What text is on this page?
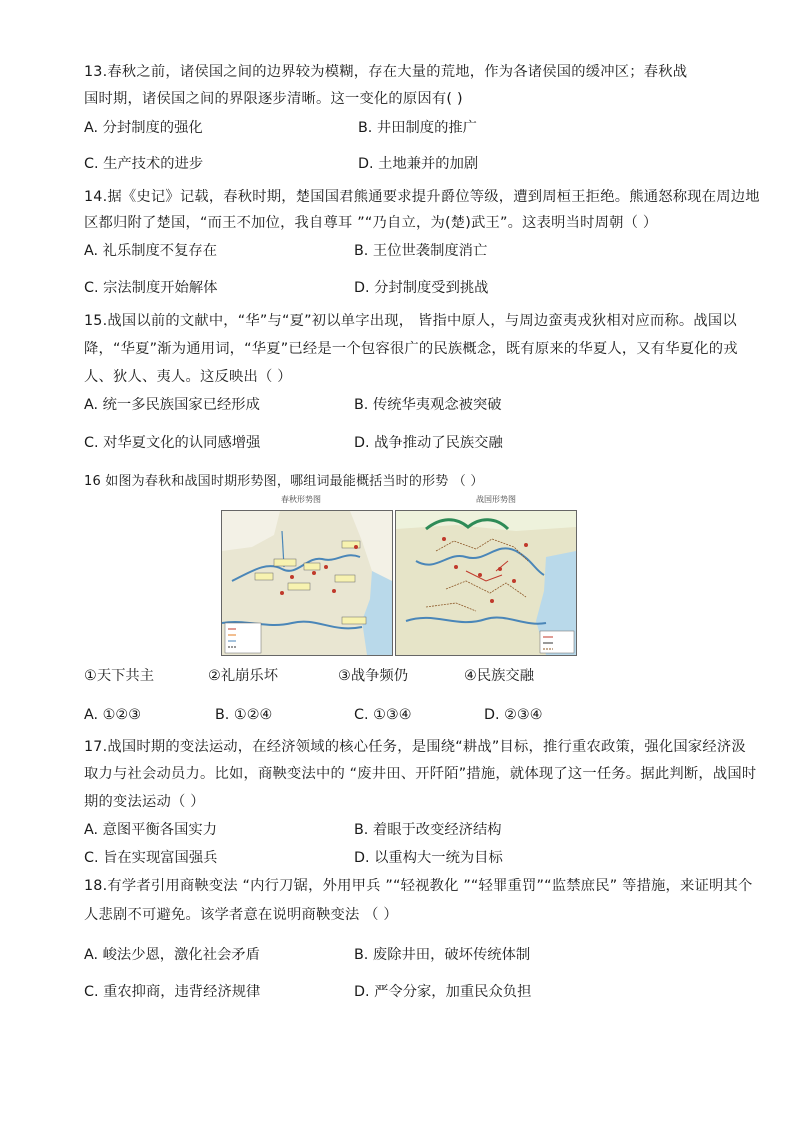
13.春秋之前，诸侯国之间的边界较为模糊，存在大量的荒地，作为各诸侯国的缓冲区；春秋战
国时期，诸侯国之间的界限逐步清晰。这一变化的原因有( )
A. 分封制度的强化	B. 井田制度的推广
C. 生产技术的进步	D. 土地兼并的加剧
14.据《史记》记载，春秋时期，楚国国君熊通要求提升爵位等级，遭到周桓王拒绝。熊通怒称现在周边地
区都归附了楚国，“而王不加位，我自尊耳 ”“乃自立，为(楚)武王”。这表明当时周朝（ ）
A. 礼乐制度不复存在	B. 王位世袭制度消亡
C. 宗法制度开始解体	D. 分封制度受到挑战
15.战国以前的文献中，“华”与“夏”初以单字出现， 皆指中原人，与周边蛮夷戎狄相对应而称。战国以
降，“华夏”渐为通用词，“华夏”已经是一个包容很广的民族概念，既有原来的华夏人，又有华夏化的戎
人、狄人、夷人。这反映出（ ）
A. 统一多民族国家已经形成	B. 传统华夷观念被突破
C. 对华夏文化的认同感增强	D. 战争推动了民族交融
16 如图为春秋和战国时期形势图，哪组词最能概括当时的形势 （ ）
春秋形势图	战国形势图
①天下共主	②礼崩乐坏	③战争频仍	④民族交融
A. ①②③	B. ①②④	C. ①③④	D. ②③④
17.战国时期的变法运动，在经济领域的核心任务，是围绕“耕战”目标，推行重农政策，强化国家经济汲
取力与社会动员力。比如，商鞅变法中的 “废井田、开阡陌”措施，就体现了这一任务。据此判断，战国时
期的变法运动（ ）
A. 意图平衡各国实力	B. 着眼于改变经济结构
C. 旨在实现富国强兵	D. 以重构大一统为目标
18.有学者引用商鞅变法 “内行刀锯，外用甲兵 ”“轻视教化 ”“轻罪重罚”“监禁庶民” 等措施，来证明其个
人悲剧不可避免。该学者意在说明商鞅变法 （ ）
A. 峻法少恩，激化社会矛盾	B. 废除井田，破坏传统体制
C. 重农抑商，违背经济规律	D. 严令分家，加重民众负担
